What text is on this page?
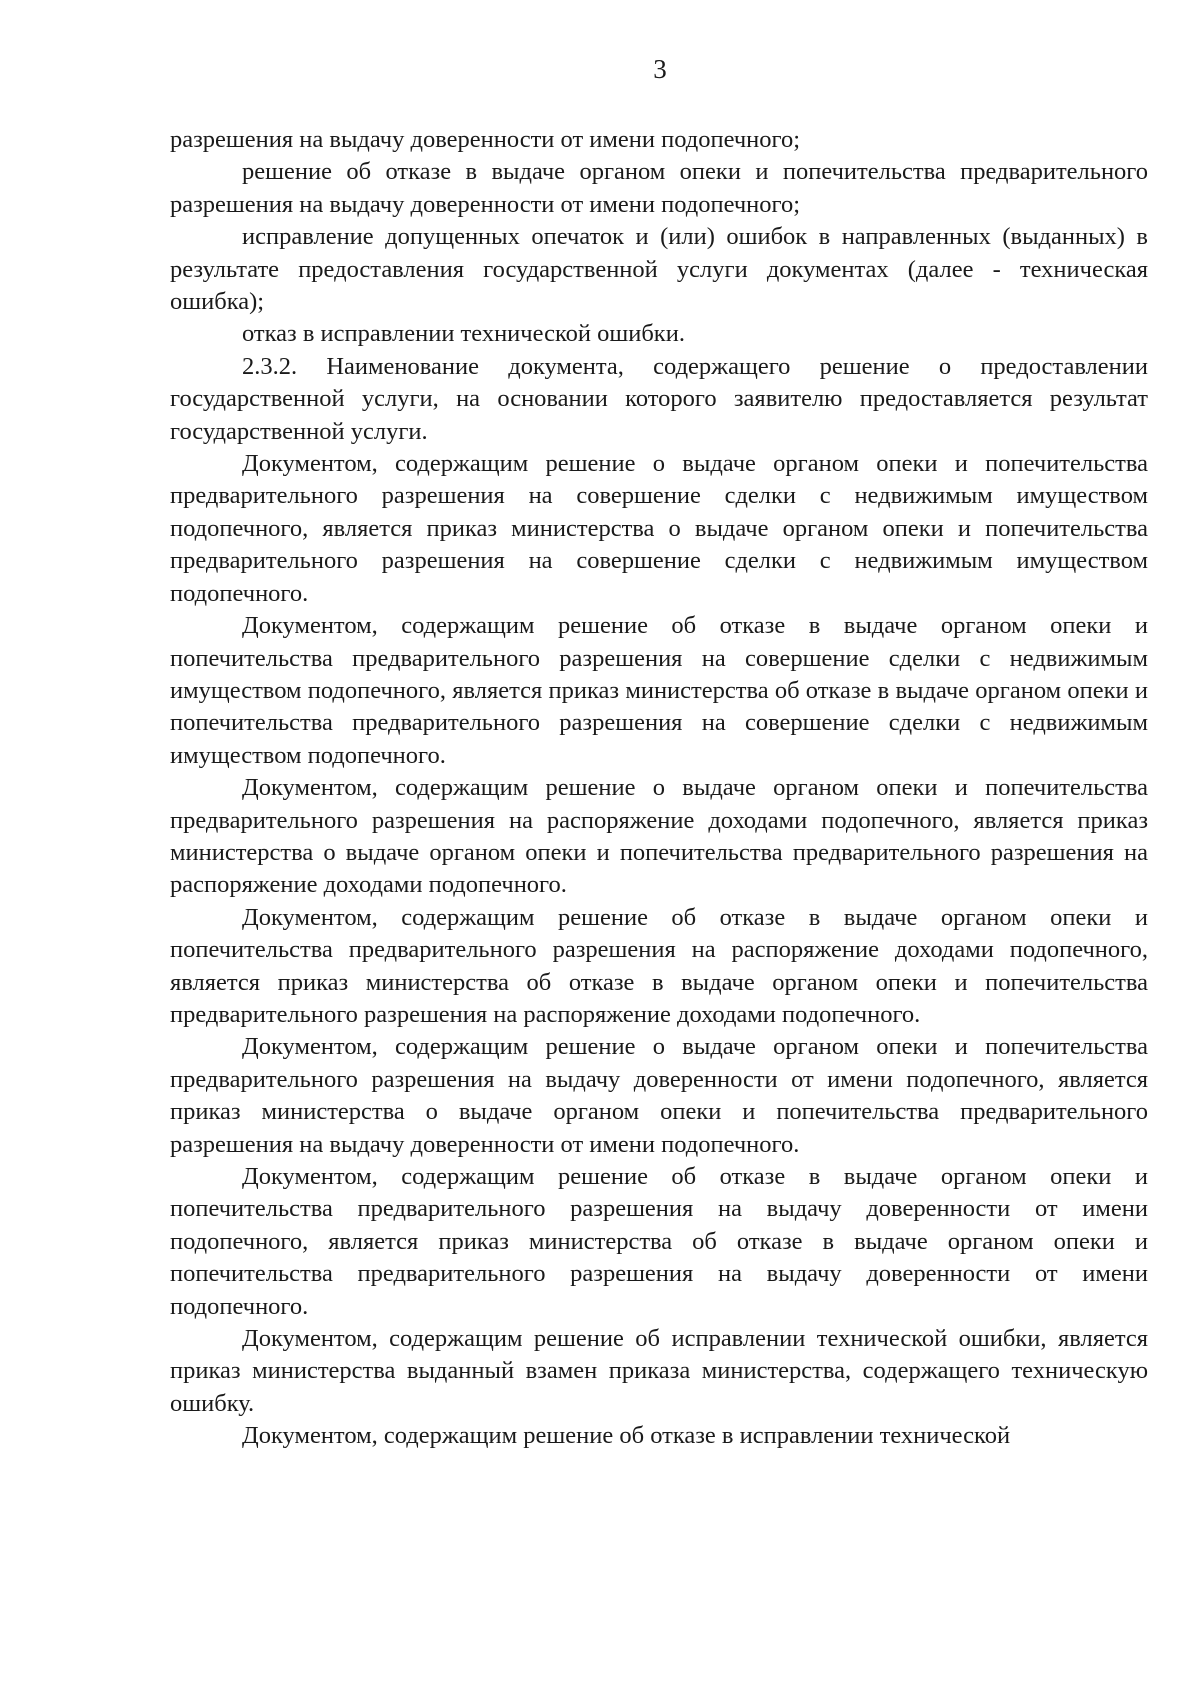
3

разрешения на выдачу доверенности от имени подопечного;

решение об отказе в выдаче органом опеки и попечительства предварительного разрешения на выдачу доверенности от имени подопечного;

исправление допущенных опечаток и (или) ошибок в направленных (выданных) в результате предоставления государственной услуги документах (далее - техническая ошибка);

отказ в исправлении технической ошибки.

2.3.2. Наименование документа, содержащего решение о предоставлении государственной услуги, на основании которого заявителю предоставляется результат государственной услуги.

Документом, содержащим решение о выдаче органом опеки и попечительства предварительного разрешения на совершение сделки с недвижимым имуществом подопечного, является приказ министерства о выдаче органом опеки и попечительства предварительного разрешения на совершение сделки с недвижимым имуществом подопечного.

Документом, содержащим решение об отказе в выдаче органом опеки и попечительства предварительного разрешения на совершение сделки с недвижимым имуществом подопечного, является приказ министерства об отказе в выдаче органом опеки и попечительства предварительного разрешения на совершение сделки с недвижимым имуществом подопечного.

Документом, содержащим решение о выдаче органом опеки и попечительства предварительного разрешения на распоряжение доходами подопечного, является приказ министерства о выдаче органом опеки и попечительства предварительного разрешения на распоряжение доходами подопечного.

Документом, содержащим решение об отказе в выдаче органом опеки и попечительства предварительного разрешения на распоряжение доходами подопечного, является приказ министерства об отказе в выдаче органом опеки и попечительства предварительного разрешения на распоряжение доходами подопечного.

Документом, содержащим решение о выдаче органом опеки и попечительства предварительного разрешения на выдачу доверенности от имени подопечного, является приказ министерства о выдаче органом опеки и попечительства предварительного разрешения на выдачу доверенности от имени подопечного.

Документом, содержащим решение об отказе в выдаче органом опеки и попечительства предварительного разрешения на выдачу доверенности от имени подопечного, является приказ министерства об отказе в выдаче органом опеки и попечительства предварительного разрешения на выдачу доверенности от имени подопечного.

Документом, содержащим решение об исправлении технической ошибки, является приказ министерства выданный взамен приказа министерства, содержащего техническую ошибку.

Документом, содержащим решение об отказе в исправлении технической
